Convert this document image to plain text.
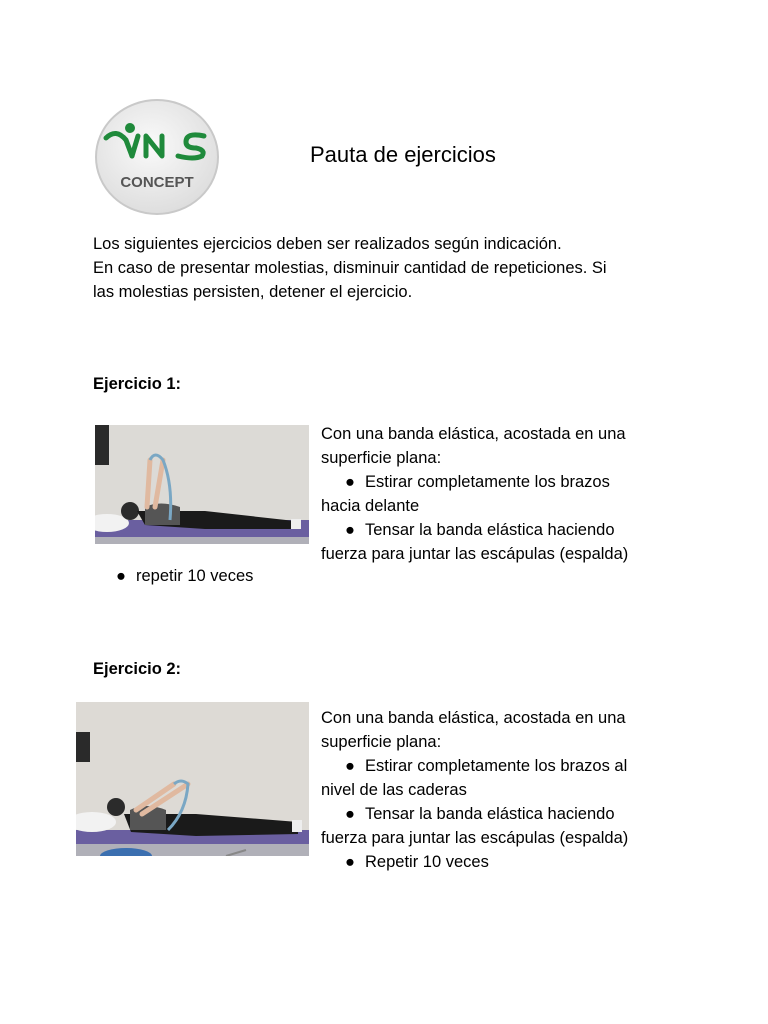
CONCEPT
Pauta de ejercicios
Los siguientes ejercicios deben ser realizados según indicación.
En caso de presentar molestias, disminuir cantidad de repeticiones. Si
las molestias persisten, detener el ejercicio.
Ejercicio 1:
Con una banda elástica, acostada en una
superficie plana:
● Estirar completamente los brazos
hacia delante
● Tensar la banda elástica haciendo
fuerza para juntar las escápulas (espalda)
● repetir 10 veces
Ejercicio 2:
Con una banda elástica, acostada en una
superficie plana:
● Estirar completamente los brazos al
nivel de las caderas
● Tensar la banda elástica haciendo
fuerza para juntar las escápulas (espalda)
● Repetir 10 veces
